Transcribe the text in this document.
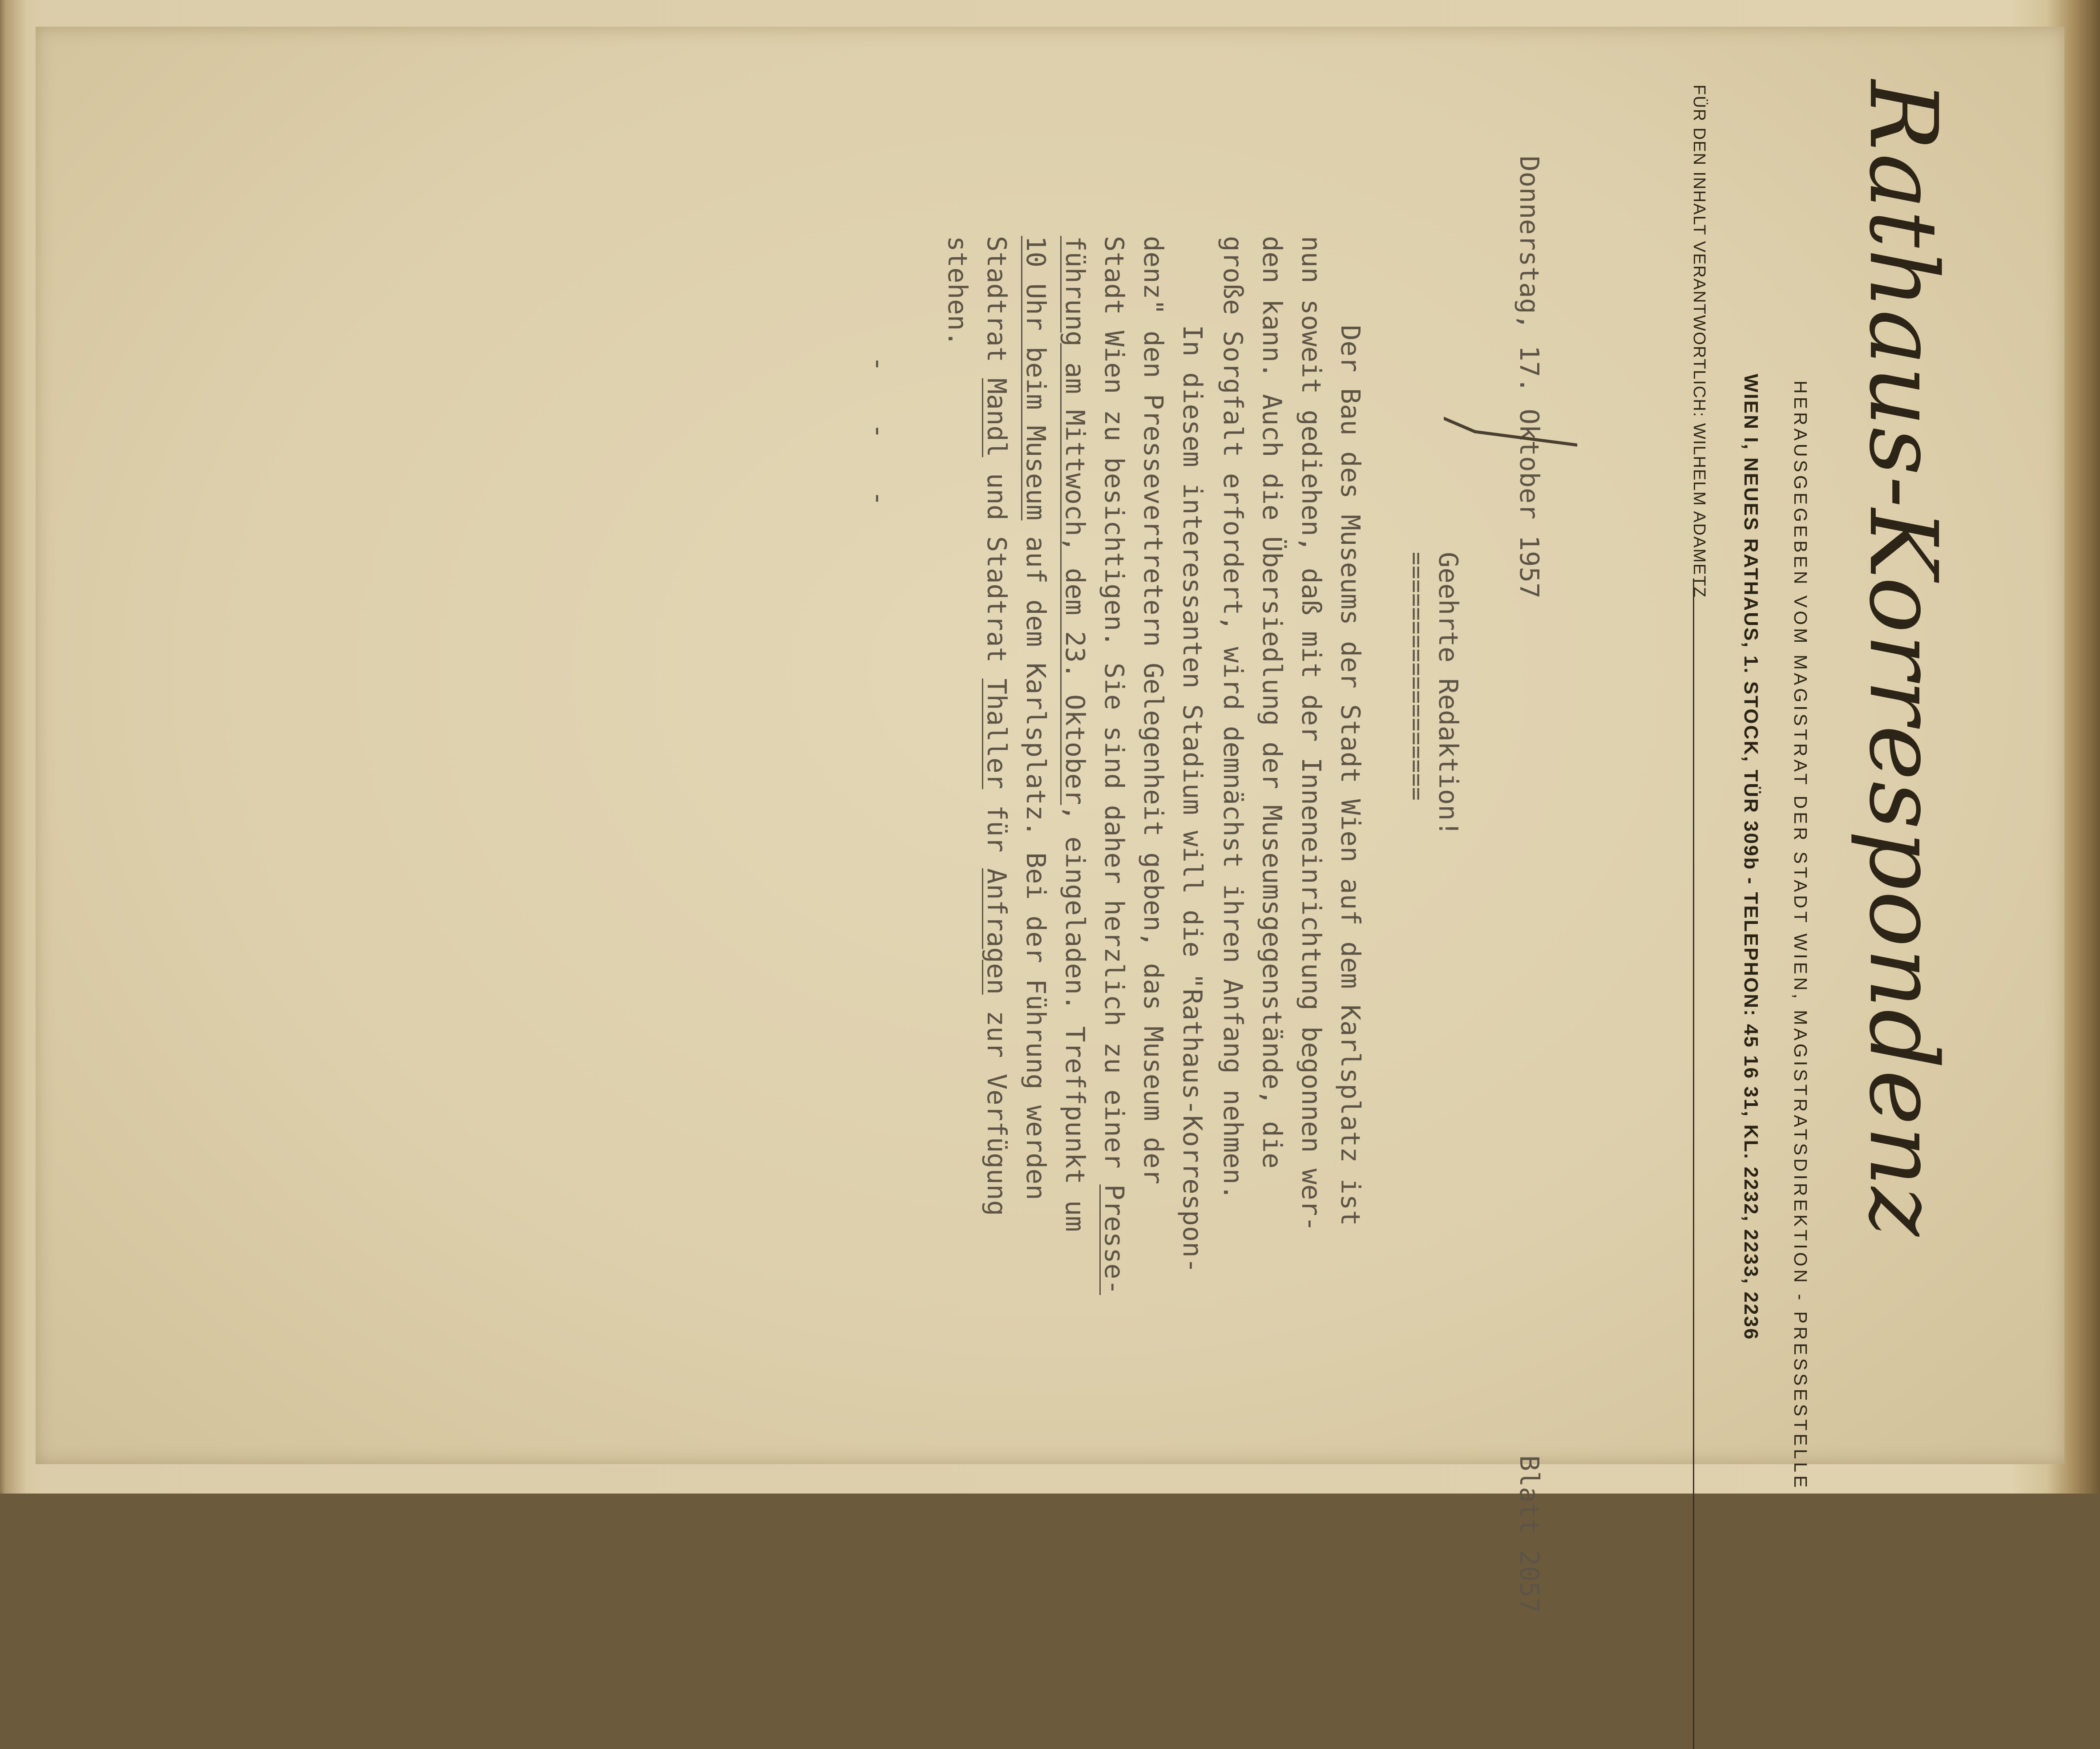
Rathaus-Korrespondenz
HERAUSGEGEBEN VOM MAGISTRAT DER STADT WIEN, MAGISTRATSDIREKTION - PRESSESTELLE
WIEN I, NEUES RATHAUS, 1. STOCK, TÜR 309b - TELEPHON: 45 16 31, KL. 2232, 2233, 2236
FÜR DEN INHALT VERANTWORTLICH: WILHELM ADAMETZ
Donnerstag, 17. Oktober 1957
Blatt 2057
Geehrte Redaktion!
==================
Der Bau des Museums der Stadt Wien auf dem Karlsplatz ist
nun soweit gediehen, daß mit der Inneneinrichtung begonnen wer-
den kann. Auch die Übersiedlung der Museumsgegenstände, die
große Sorgfalt erfordert, wird demnächst ihren Anfang nehmen.
In diesem interessanten Stadium will die "Rathaus-Korrespon-
denz" den Pressevertretern Gelegenheit geben, das Museum der
Stadt Wien zu besichtigen. Sie sind daher herzlich zu einer Presse-
führung am Mittwoch, dem 23. Oktober, eingeladen. Treffpunkt um
10 Uhr beim Museum auf dem Karlsplatz. Bei der Führung werden
Stadtrat Mandl und Stadtrat Thaller für Anfragen zur Verfügung
stehen.
- - -
